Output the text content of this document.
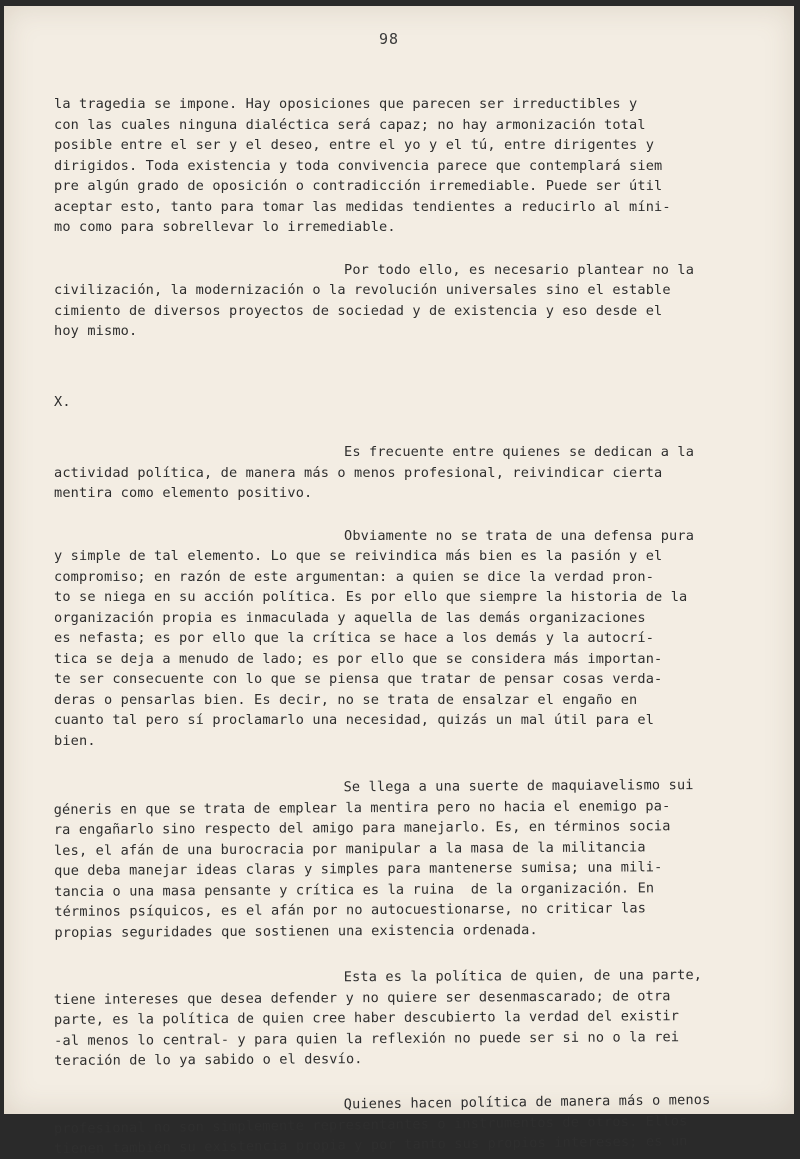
98
la tragedia se impone. Hay oposiciones que parecen ser irreductibles y
con las cuales ninguna dialéctica será capaz; no hay armonización total
posible entre el ser y el deseo, entre el yo y el tú, entre dirigentes y
dirigidos. Toda existencia y toda convivencia parece que contemplará siem
pre algún grado de oposición o contradicción irremediable. Puede ser útil
aceptar esto, tanto para tomar las medidas tendientes a reducirlo al míni-
mo como para sobrellevar lo irremediable.
Por todo ello, es necesario plantear no la
civilización, la modernización o la revolución universales sino el estable
cimiento de diversos proyectos de sociedad y de existencia y eso desde el
hoy mismo.
X.
Es frecuente entre quienes se dedican a la
actividad política, de manera más o menos profesional, reivindicar cierta
mentira como elemento positivo.
Obviamente no se trata de una defensa pura
y simple de tal elemento. Lo que se reivindica más bien es la pasión y el
compromiso; en razón de este argumentan: a quien se dice la verdad pron-
to se niega en su acción política. Es por ello que siempre la historia de la
organización propia es inmaculada y aquella de las demás organizaciones
es nefasta; es por ello que la crítica se hace a los demás y la autocrí-
tica se deja a menudo de lado; es por ello que se considera más importan-
te ser consecuente con lo que se piensa que tratar de pensar cosas verda-
deras o pensarlas bien. Es decir, no se trata de ensalzar el engaño en
cuanto tal pero sí proclamarlo una necesidad, quizás un mal útil para el
bien.
Se llega a una suerte de maquiavelismo sui
géneris en que se trata de emplear la mentira pero no hacia el enemigo pa-
ra engañarlo sino respecto del amigo para manejarlo. Es, en términos socia
les, el afán de una burocracia por manipular a la masa de la militancia
que deba manejar ideas claras y simples para mantenerse sumisa; una mili-
tancia o una masa pensante y crítica es la ruina  de la organización. En
términos psíquicos, es el afán por no autocuestionarse, no criticar las
propias seguridades que sostienen una existencia ordenada.
Esta es la política de quien, de una parte,
tiene intereses que desea defender y no quiere ser desenmascarado; de otra
parte, es la política de quien cree haber descubierto la verdad del existir
-al menos lo central- y para quien la reflexión no puede ser si no o la rei
teración de lo ya sabido o el desvío.
Quienes hacen política de manera más o menos
profesional no son simplemente representantes o instrumentos de otros. Ellos
tienen también su existencia propia y por tanto sus propios intereses; es un
